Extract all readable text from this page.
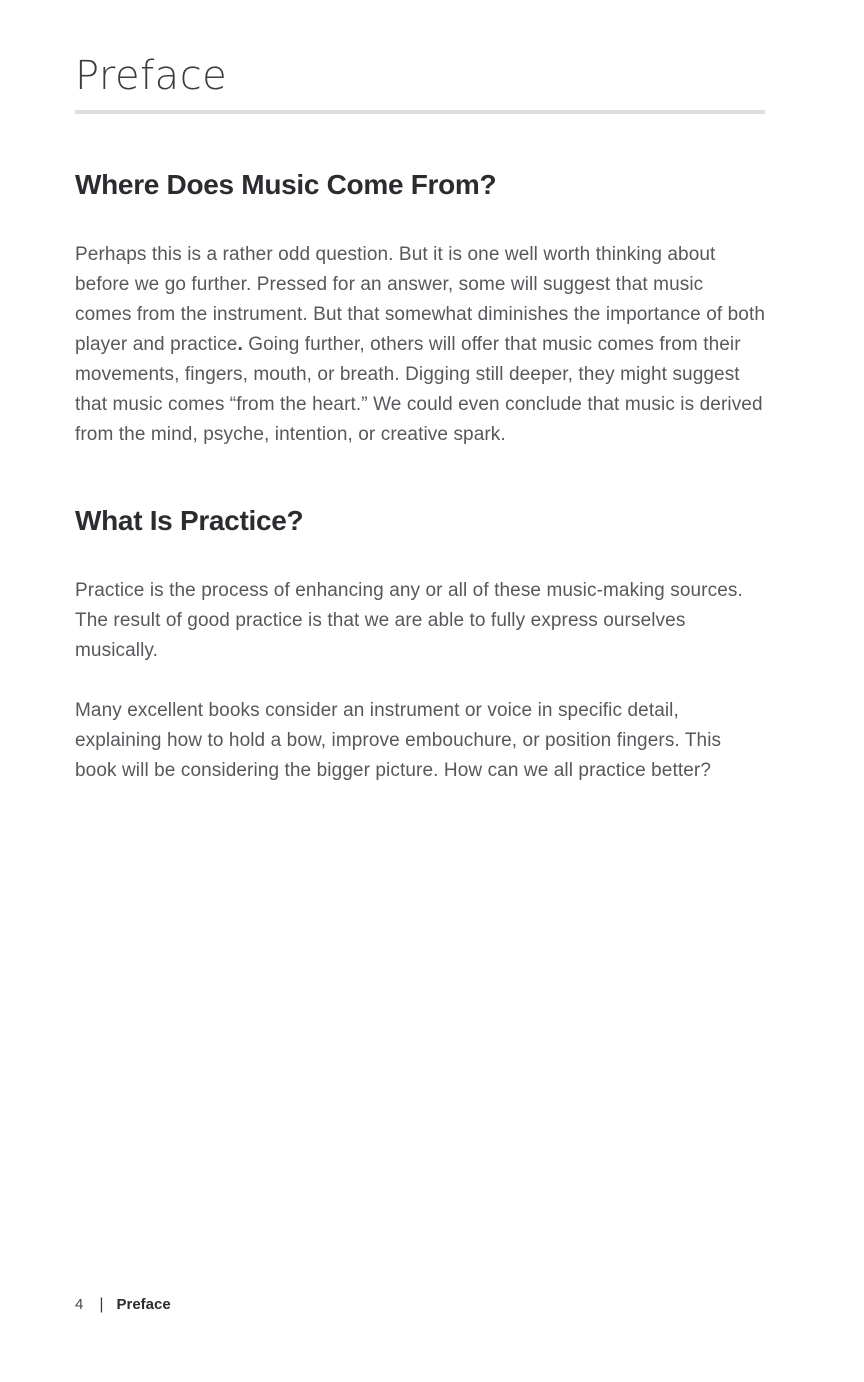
Preface
Where Does Music Come From?

Perhaps this is a rather odd question. But it is one well worth thinking about before we go further. Pressed for an answer, some will suggest that music comes from the instrument. But that somewhat diminishes the importance of both player and practice. Going further, others will offer that music comes from their movements, fingers, mouth, or breath. Digging still deeper, they might suggest that music comes “from the heart.” We could even conclude that music is derived from the mind, psyche, intention, or creative spark.

What Is Practice?

Practice is the process of enhancing any or all of these music-making sources. The result of good practice is that we are able to fully express ourselves musically.

Many excellent books consider an instrument or voice in specific detail, explaining how to hold a bow, improve embouchure, or position fingers. This book will be considering the bigger picture. How can we all practice better?

4 | Preface
